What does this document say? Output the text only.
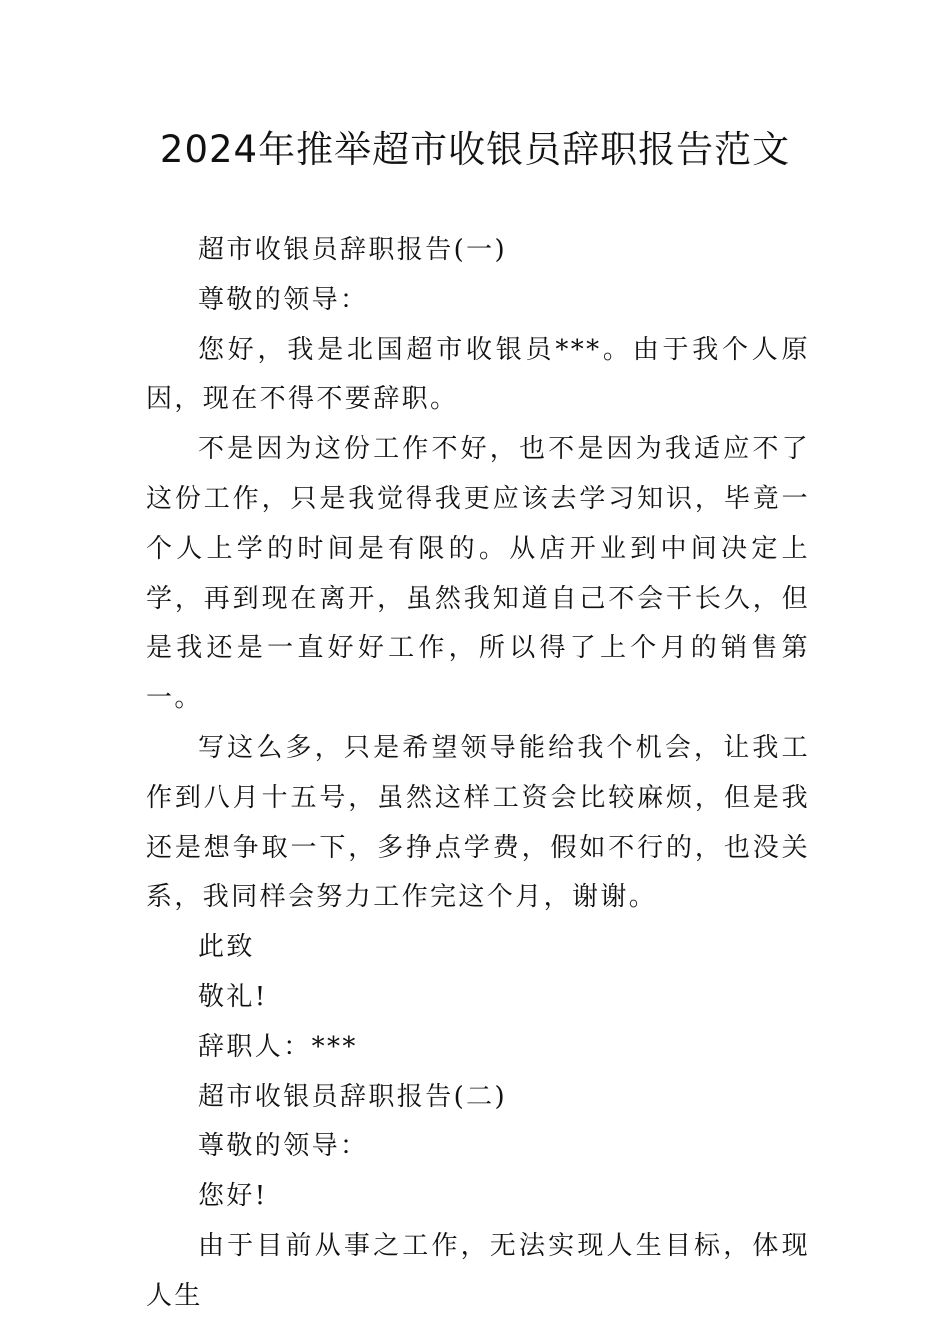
2024年推举超市收银员辞职报告范文

超市收银员辞职报告(一)

尊敬的领导：

您好，我是北国超市收银员***。由于我个人原因，现在不得不要辞职。

不是因为这份工作不好，也不是因为我适应不了这份工作，只是我觉得我更应该去学习知识，毕竟一个人上学的时间是有限的。从店开业到中间决定上学，再到现在离开，虽然我知道自己不会干长久，但是我还是一直好好工作，所以得了上个月的销售第一。

写这么多，只是希望领导能给我个机会，让我工作到八月十五号，虽然这样工资会比较麻烦，但是我还是想争取一下，多挣点学费，假如不行的，也没关系，我同样会努力工作完这个月，谢谢。

此致

敬礼!

辞职人：***

超市收银员辞职报告(二)

尊敬的领导：

您好!

由于目前从事之工作，无法实现人生目标，体现人生
